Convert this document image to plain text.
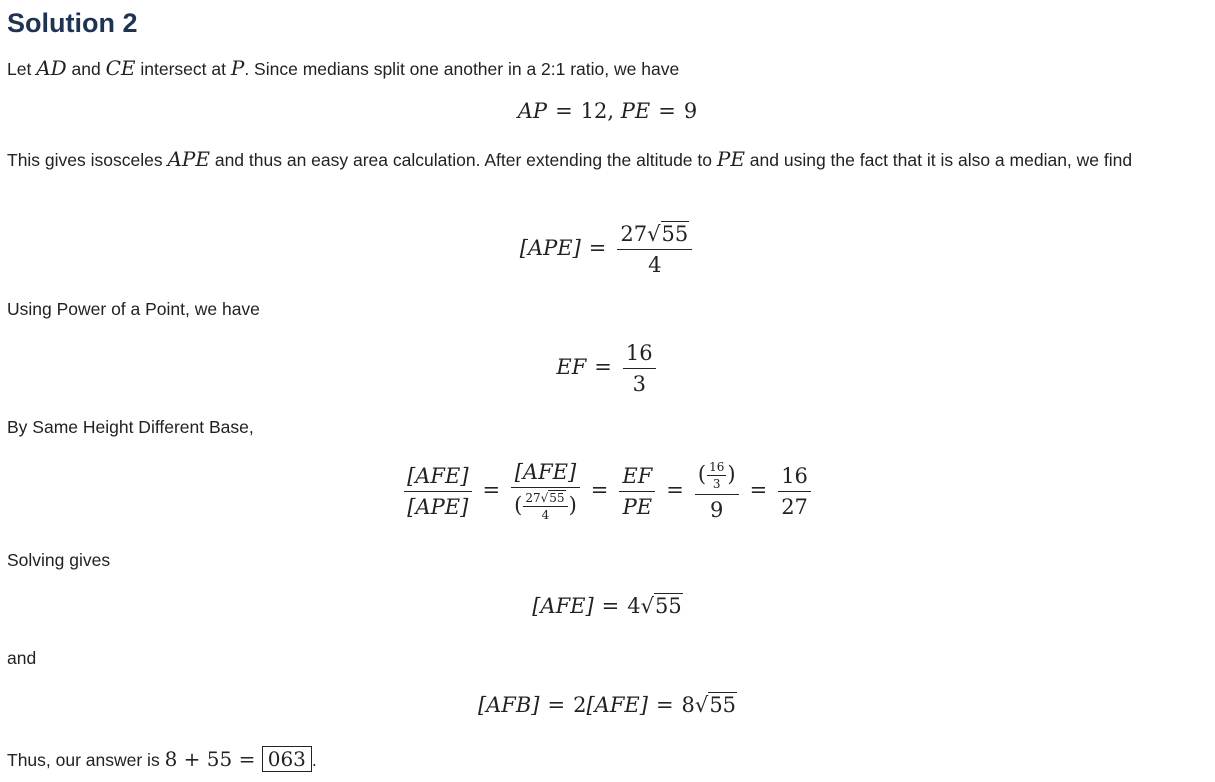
Solution 2

Let AD and CE intersect at P. Since medians split one another in a 2:1 ratio, we have

AP = 12, PE = 9

This gives isosceles APE and thus an easy area calculation. After extending the altitude to PE and using the fact that it is also a median, we find

$[APE] = \frac{27√55}{4}$

Using Power of a Point, we have

EF = $\frac{16}{3}$

By Same Height Different Base,

$\frac{\text{[AFE]}}{\text{[APE]}} = \frac{\text{[AFE]}}{( \frac{27√55}{4} )} = \frac{EF}{PE} = \frac{( \frac{16}{3} )}{9} = \frac{16}{27}$

Solving gives

[AFE] = 4√55

and

[AFB] = 2[AFE] = 8√55

Thus, our answer is 8 + 55 = 063 .
